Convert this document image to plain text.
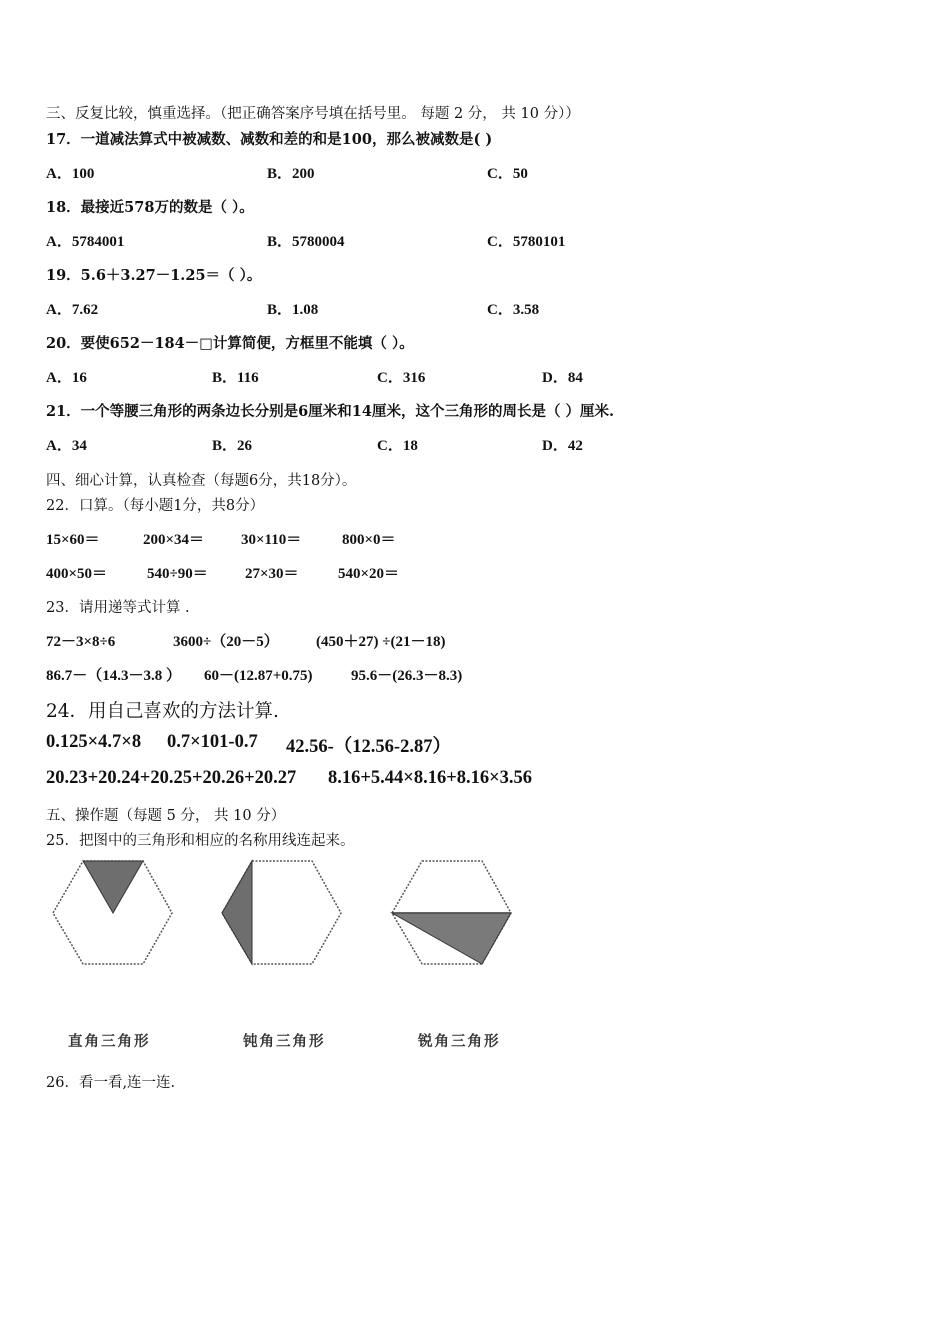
三、反复比较，慎重选择。（把正确答案序号填在括号里。 每题 2 分， 共 10 分））
17．一道减法算式中被减数、减数和差的和是100，那么被减数是( )
A．100	B．200	C．50
18．最接近578万的数是（ ）。
A．5784001	B．5780004	C．5780101
19．5.6＋3.27－1.25＝（ ）。
A．7.62	B．1.08	C．3.58
20．要使652－184－□计算简便，方框里不能填（ ）。
A．16	B．116	C．316	D．84
21．一个等腰三角形的两条边长分别是6厘米和14厘米，这个三角形的周长是（ ）厘米.
A．34	B．26	C．18	D．42
四、细心计算，认真检查（每题6分，共18分）。
22．口算。（每小题1分，共8分）
15×60＝	200×34＝ 30×110＝	800×0＝
400×50＝	540÷90＝ 27×30＝	540×20＝
23．请用递等式计算 .
72－3×8÷6	3600÷（20－5） (450＋27) ÷(21－18)
86.7－（14.3－3.8 ） 60－(12.87+0.75)	95.6－(26.3－8.3)
24．用自己喜欢的方法计算.
0.125×4.7×8 0.7×101-0.7 42.56-（12.56-2.87）
20.23+20.24+20.25+20.26+20.27 8.16+5.44×8.16+8.16×3.56
五、操作题（每题 5 分， 共 10 分）
25．把图中的三角形和相应的名称用线连起来。
直角三角形	钝角三角形	锐角三角形
26．看一看,连一连.
